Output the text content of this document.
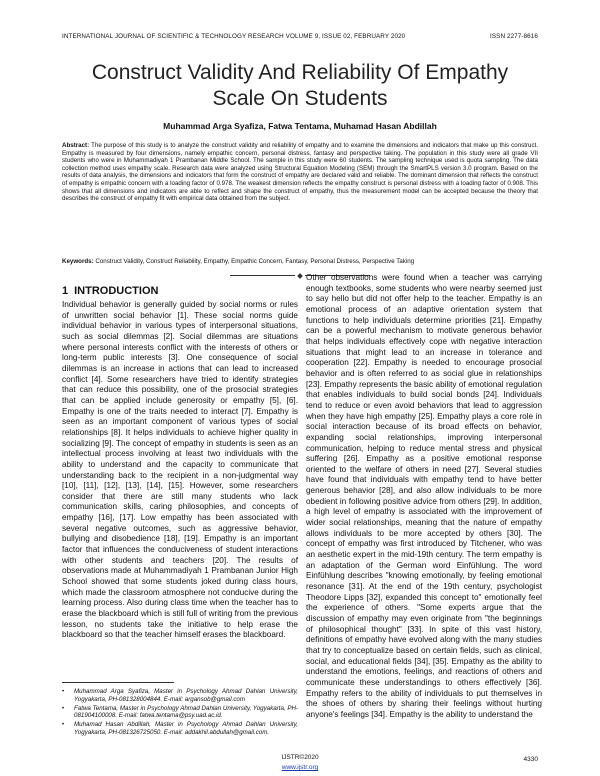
INTERNATIONAL JOURNAL OF SCIENTIFIC & TECHNOLOGY RESEARCH VOLUME 9, ISSUE 02, FEBRUARY 2020	ISSN 2277-8616
Construct Validity And Reliability Of Empathy
Scale On Students
Muhammad Arga Syafiza, Fatwa Tentama, Muhamad Hasan Abdillah

Abstract: The purpose of this study is to analyze the construct validity and reliability of empathy and to examine the dimensions and indicators that make up this construct. Empathy is measured by four dimensions, namely empathic concern, personal distress, fantasy and perspective taking. The population in this study were all grade VII students who were in Muhammadiyah 1 Prambanan Middle School. The sample in this study were 60 students. The sampling technique used is quota sampling. The data collection method uses empathy scale. Research data were analyzed using Structural Equation Modeling (SEM) through the SmartPLS version 3.0 program. Based on the results of data analysis, the dimensions and indicators that form the construct of empathy are declared valid and reliable. The dominant dimension that reflects the construct of empathy is empathic concern with a loading factor of 0.978. The weakest dimension reflects the empathy construct is personal distress with a loading factor of 0.908. This shows that all dimensions and indicators are able to reflect and shape the construct of empathy, thus the measurement model can be accepted because the theory that describes the construct of empathy fit with empirical data obtained from the subject.

Keywords: Construct Validity, Construct Reliability, Empathy, Empathic Concern, Fantasy, Personal Distress, Perspective Taking

1 INTRODUCTION

Individual behavior is generally guided by social norms or rules of unwritten social behavior [1]. These social norms guide individual behavior in various types of interpersonal situations, such as social dilemmas [2]. Social dilemmas are situations where personal interests conflict with the interests of others or long-term public interests [3]. One consequence of social dilemmas is an increase in actions that can lead to increased conflict [4]. Some researchers have tried to identify strategies that can reduce this possibility, one of the prosocial strategies that can be applied include generosity or empathy [5], [6]. Empathy is one of the traits needed to interact [7]. Empathy is seen as an important component of various types of social relationships [8]. It helps individuals to achieve higher quality in socializing [9]. The concept of empathy in students is seen as an intellectual process involving at least two individuals with the ability to understand and the capacity to communicate that understanding back to the recipient in a non-judgmental way [10], [11], [12], [13], [14], [15]. However, some researchers consider that there are still many students who lack communication skills, caring philosophies, and concepts of empathy [16], [17]. Low empathy has been associated with several negative outcomes, such as aggressive behavior, bullying and disobedience [18], [19]. Empathy is an important factor that influences the conduciveness of student interactions with other students and teachers [20]. The results of observations made at Muhammadiyah 1 Prambanan Junior High School showed that some students joked during class hours, which made the classroom atmosphere not conducive during the learning process. Also during class time when the teacher has to erase the blackboard which is still full of writing from the previous lesson, no students take the initiative to help erase the blackboard so that the teacher himself erases the blackboard.

Other observations were found when a teacher was carrying enough textbooks, some students who were nearby seemed just to say hello but did not offer help to the teacher. Empathy is an emotional process of an adaptive orientation system that functions to help individuals determine priorities [21]. Empathy can be a powerful mechanism to motivate generous behavior that helps individuals effectively cope with negative interaction situations that might lead to an increase in tolerance and cooperation [22]. Empathy is needed to encourage prosocial behavior and is often referred to as social glue in relationships [23]. Empathy represents the basic ability of emotional regulation that enables individuals to build social bonds [24]. Individuals tend to reduce or even avoid behaviors that lead to aggression when they have high empathy [25]. Empathy plays a core role in social interaction because of its broad effects on behavior, expanding social relationships, improving interpersonal communication, helping to reduce mental stress and physical suffering [26]. Empathy as a positive emotional response oriented to the welfare of others in need [27]. Several studies have found that individuals with empathy tend to have better generous behavior [28], and also allow individuals to be more obedient in following positive advice from others [29]. In addition, a high level of empathy is associated with the improvement of wider social relationships, meaning that the nature of empathy allows individuals to be more accepted by others [30]. The concept of empathy was first introduced by Titchener, who was an aesthetic expert in the mid-19th century. The term empathy is an adaptation of the German word Einfühlung. The word Einfühlung describes "knowing emotionally, by feeling emotional resonance [31]. At the end of the 19th century, psychologist Theodore Lipps [32], expanded this concept to" emotionally feel the experience of others. "Some experts argue that the discussion of empathy may even originate from "the beginnings of philosophical thought" [33]. In spite of this vast history, definitions of empathy have evolved along with the many studies that try to conceptualize based on certain fields, such as clinical, social, and educational fields [34], [35]. Empathy as the ability to understand the emotions, feelings, and reactions of others and communicate these understandings to others effectively [36]. Empathy refers to the ability of individuals to put themselves in the shoes of others by sharing their feelings without hurting anyone's feelings [34]. Empathy is the ability to understand the

•	Muhammad Arga Syafiza, Master in Psychology Ahmad Dahlan University, Yogyakarta, PH-081328004844. E-mail: argansob@gmail.com
•	Fatwa Tentama, Master in Psychology Ahmad Dahlan University, Yogyakarta, PH-081904100008. E-mail: fatwa.tentama@psy.uad.ac.id.
•	Muhamad Hasan Abdillah, Master in Psychology Ahmad Dahlan University, Yogyakarta, PH-081326725050. E-mail: addakhil.abdullah@gmail.com.
4330
IJSTR©2020
www.ijstr.org
